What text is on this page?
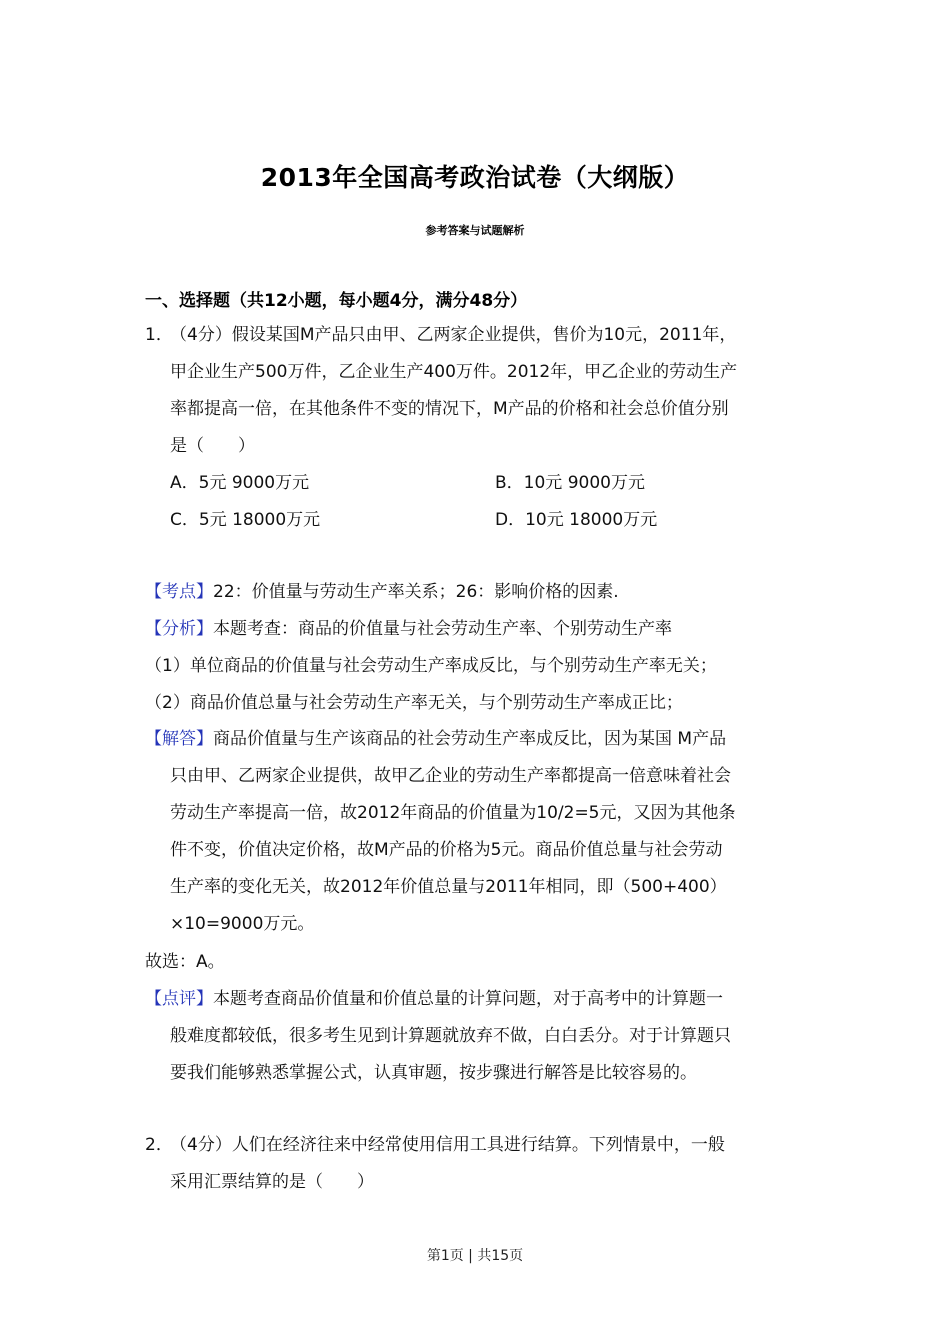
2013年全国高考政治试卷（大纲版）
参考答案与试题解析
一、选择题（共12小题，每小题4分，满分48分）
1．
（4分）假设某国M产品只由甲、乙两家企业提供，售价为10元，2011年，
甲企业生产500万件，乙企业生产400万件。2012年，甲乙企业的劳动生产
率都提高一倍，在其他条件不变的情况下，M产品的价格和社会总价值分别
是（　　）
A．5元 9000万元	B．10元 9000万元
C．5元 18000万元	D．10元 18000万元
【考点】22：价值量与劳动生产率关系；26：影响价格的因素.
【分析】本题考查：商品的价值量与社会劳动生产率、个别劳动生产率
（1）单位商品的价值量与社会劳动生产率成反比，与个别劳动生产率无关；
（2）商品价值总量与社会劳动生产率无关，与个别劳动生产率成正比；
【解答】商品价值量与生产该商品的社会劳动生产率成反比，因为某国 M产品
只由甲、乙两家企业提供，故甲乙企业的劳动生产率都提高一倍意味着社会
劳动生产率提高一倍，故2012年商品的价值量为10/2=5元，又因为其他条
件不变，价值决定价格，故M产品的价格为5元。商品价值总量与社会劳动
生产率的变化无关，故2012年价值总量与2011年相同，即（500+400）
×10=9000万元。
故选：A。
【点评】本题考查商品价值量和价值总量的计算问题，对于高考中的计算题一
般难度都较低，很多考生见到计算题就放弃不做，白白丢分。对于计算题只
要我们能够熟悉掌握公式，认真审题，按步骤进行解答是比较容易的。
2．
（4分）人们在经济往来中经常使用信用工具进行结算。下列情景中，一般
采用汇票结算的是（　　）
第1页 | 共15页
